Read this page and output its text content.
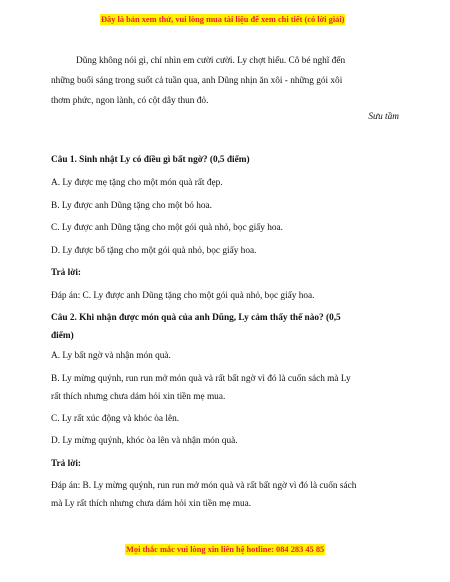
Đây là bản xem thử, vui lòng mua tài liệu để xem chi tiết (có lời giải)
Dũng không nói gì, chỉ nhìn em cười cười. Ly chợt hiểu. Cô bé nghĩ đến
những buổi sáng trong suốt cả tuần qua, anh Dũng nhịn ăn xôi - những gói xôi
thơm phức, ngon lành, có cột dây thun đỏ.
Sưu tầm
Câu 1. Sinh nhật Ly có điều gì bất ngờ? (0,5 điểm)
A. Ly được mẹ tặng cho một món quà rất đẹp.
B. Ly được anh Dũng tặng cho một bó hoa.
C. Ly được anh Dũng tặng cho một gói quà nhỏ, bọc giấy hoa.
D. Ly được bố tặng cho một gói quà nhỏ, bọc giấy hoa.
Trả lời:
Đáp án: C. Ly được anh Dũng tặng cho một gói quà nhỏ, bọc giấy hoa.
Câu 2. Khi nhận được món quà của anh Dũng, Ly cảm thấy thế nào? (0,5
điểm)
A. Ly bất ngờ và nhận món quà.
B. Ly mừng quýnh, run run mở món quà và rất bất ngờ vì đó là cuốn sách mà Ly
rất thích nhưng chưa dám hỏi xin tiền mẹ mua.
C. Ly rất xúc động và khóc òa lên.
D. Ly mừng quýnh, khóc òa lên và nhận món quà.
Trả lời:
Đáp án: B. Ly mừng quýnh, run run mở món quà và rất bất ngờ vì đó là cuốn sách
mà Ly rất thích nhưng chưa dám hỏi xin tiền mẹ mua.
Mọi thắc mắc vui lòng xin liên hệ hotline: 084 283 45 85
